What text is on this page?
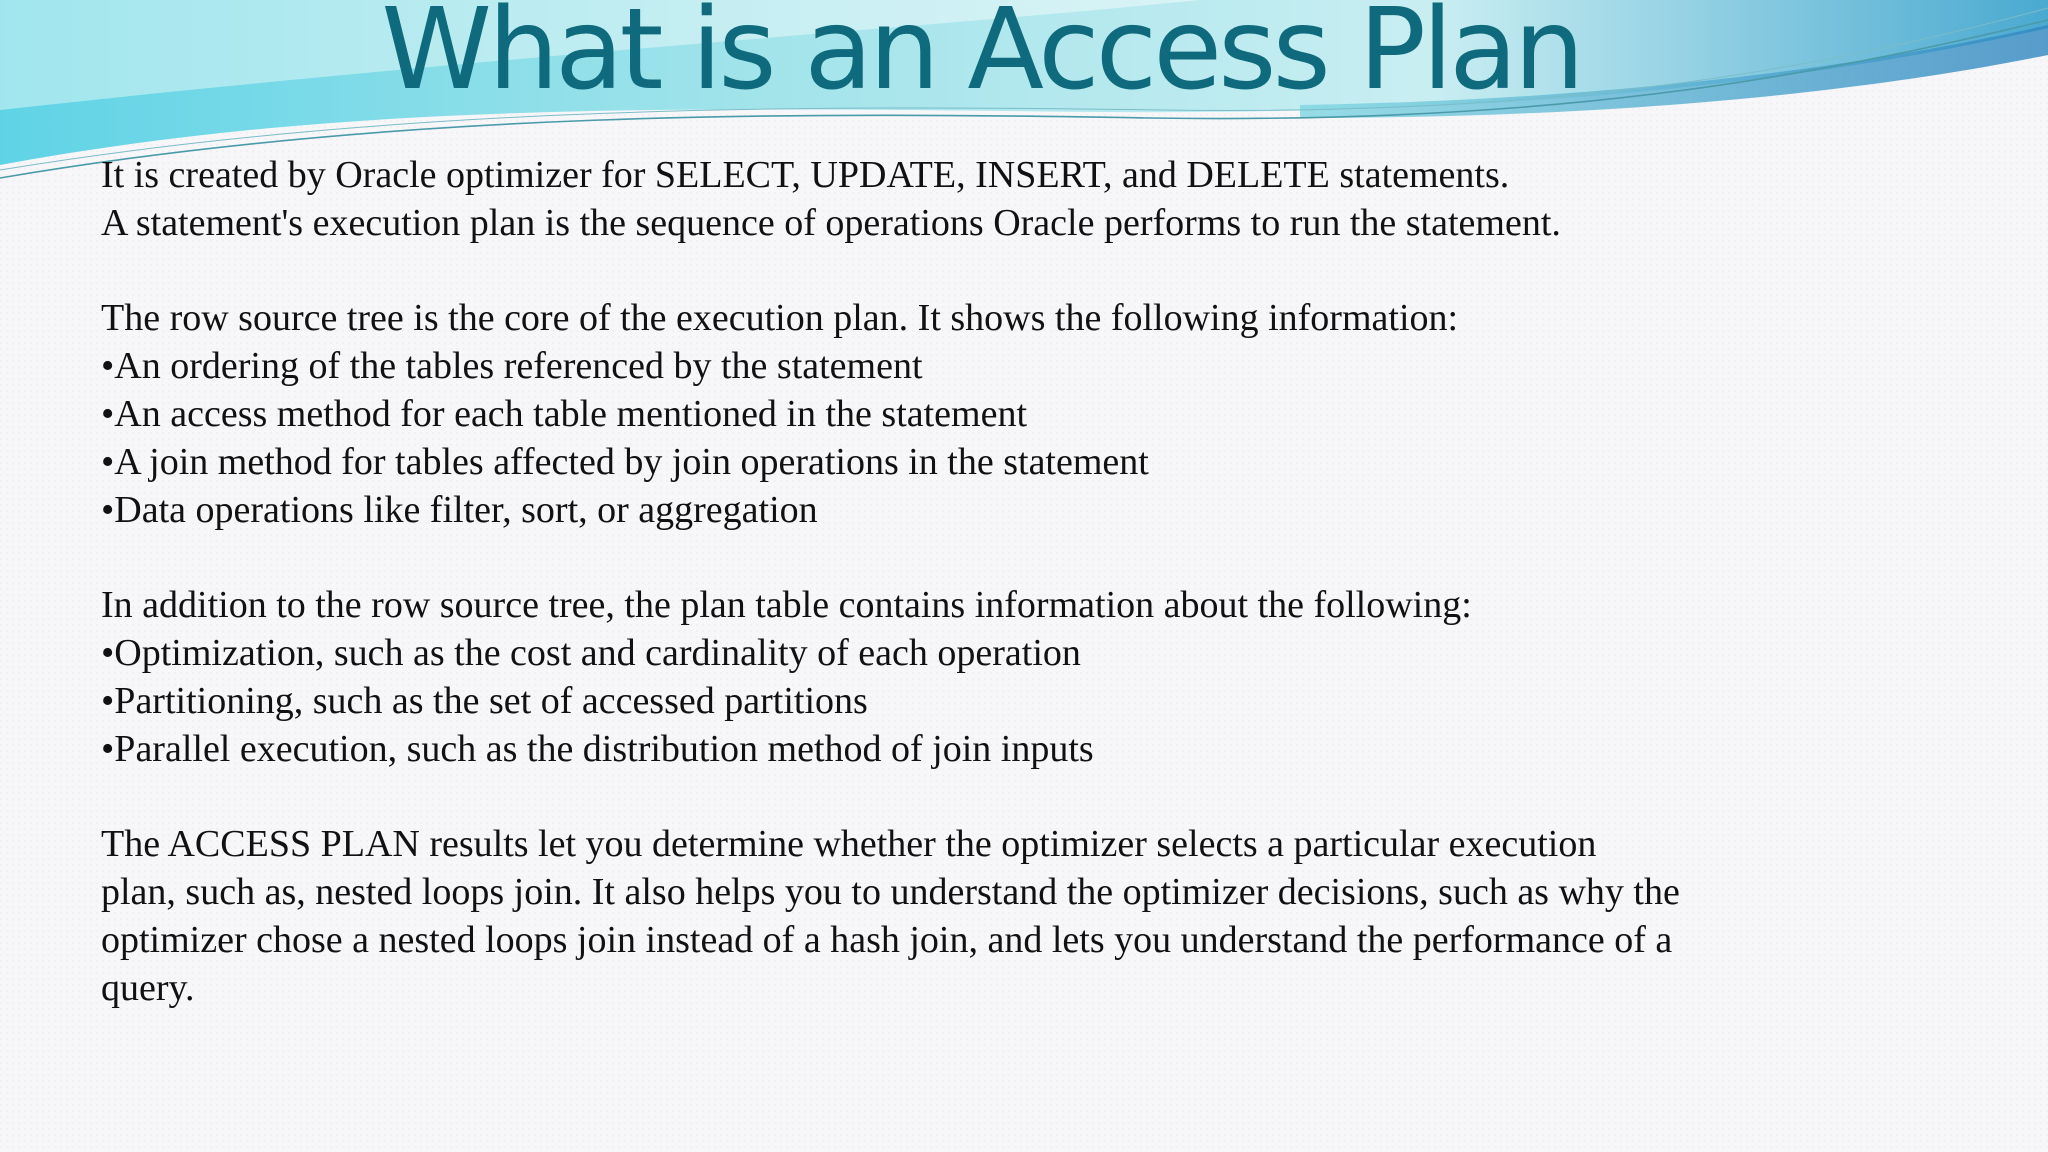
What is an Access Plan
It is created by Oracle optimizer for SELECT, UPDATE, INSERT, and DELETE statements.
A statement's execution plan is the sequence of operations Oracle performs to run the statement.
The row source tree is the core of the execution plan. It shows the following information:
•An ordering of the tables referenced by the statement
•An access method for each table mentioned in the statement
•A join method for tables affected by join operations in the statement
•Data operations like filter, sort, or aggregation
In addition to the row source tree, the plan table contains information about the following:
•Optimization, such as the cost and cardinality of each operation
•Partitioning, such as the set of accessed partitions
•Parallel execution, such as the distribution method of join inputs
The ACCESS PLAN results let you determine whether the optimizer selects a particular execution
plan, such as, nested loops join. It also helps you to understand the optimizer decisions, such as why the
optimizer chose a nested loops join instead of a hash join, and lets you understand the performance of a
query.
